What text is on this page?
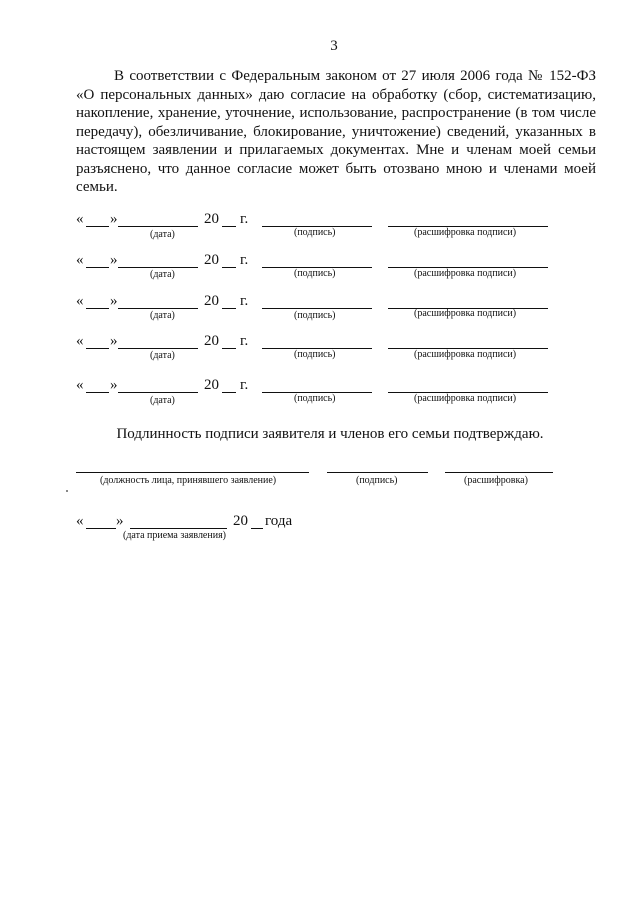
3

В соответствии с Федеральным законом от 27 июля 2006 года № 152-ФЗ «О персональных данных» даю согласие на обработку (сбор, систематизацию, накопление, хранение, уточнение, использование, распространение (в том числе передачу), обезличивание, блокирование, уничтожение) сведений, указанных в настоящем заявлении и прилагаемых документах. Мне и членам моей семьи разъяснено, что данное согласие может быть отозвано мною и членами моей семьи.

« »	20 г.
(дата)	(подпись)	(расшифровка подписи)
« »	20 г.
(дата)	(подпись)	(расшифровка подписи)
« »	20 г.
(дата)	(подпись)	(расшифровка подписи)
« »	20 г.
(дата)	(подпись)	(расшифровка подписи)
« »	20 г.
(дата)	(подпись)	(расшифровка подписи)
Подлинность подписи заявителя и членов его семьи подтверждаю.
(должность лица, принявшего заявление)	(подпись)	(расшифровка)
« »	20 года
(дата приема заявления)
